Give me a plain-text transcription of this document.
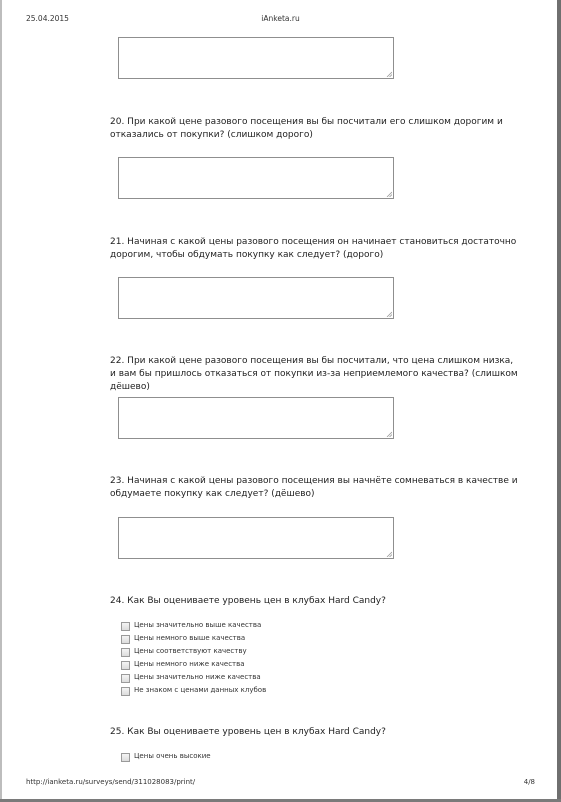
25.04.2015	iAnketa.ru
20. При какой цене разового посещения вы бы посчитали его слишком дорогим и отказались от покупки? (слишком дорого)
21. Начиная с какой цены разового посещения он начинает становиться достаточно дорогим, чтобы обдумать покупку как следует? (дорого)
22. При какой цене разового посещения вы бы посчитали, что цена слишком низка, и вам бы пришлось отказаться от покупки из-за неприемлемого качества? (слишком дёшево)
23. Начиная с какой цены разового посещения вы начнёте сомневаться в качестве и обдумаете покупку как следует? (дёшево)
24. Как Вы оцениваете уровень цен в клубах Hard Candy?
Цены значительно выше качества
Цены немного выше качества
Цены соответствуют качеству
Цены немного ниже качества
Цены значительно ниже качества
Не знаком с ценами данных клубов
25. Как Вы оцениваете уровень цен в клубах Hard Candy?
Цены очень высокие
http://ianketa.ru/surveys/send/311028083/print/	4/8
